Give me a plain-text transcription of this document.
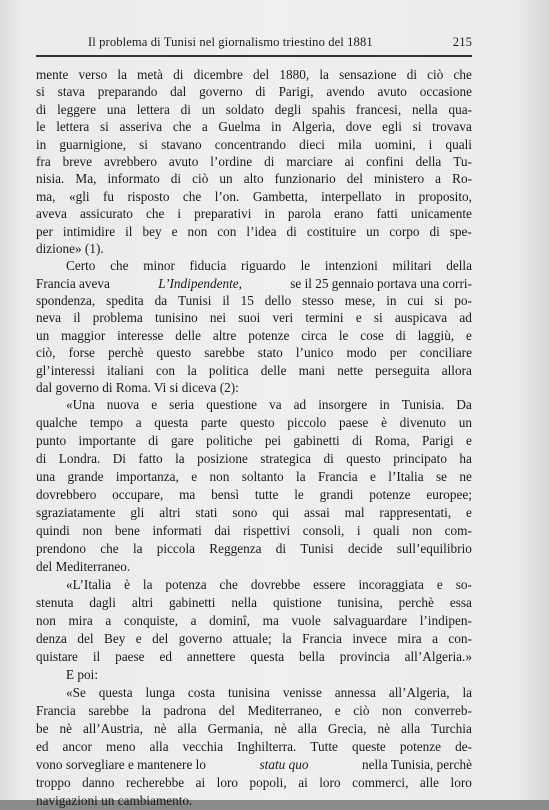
Il problema di Tunisi nel giornalismo triestino del 1881	215
mente verso la metà di dicembre del 1880, la sensazione di ciò che
si stava preparando dal governo di Parigi, avendo avuto occasione
di leggere una lettera di un soldato degli spahis francesi, nella qua-
le lettera si asseriva che a Guelma in Algeria, dove egli si trovava
in guarnigione, si stavano concentrando dieci mila uomini, i quali
fra breve avrebbero avuto l’ordine di marciare ai confini della Tu-
nisia. Ma, informato di ciò un alto funzionario del ministero a Ro-
ma, «gli fu risposto che l’on. Gambetta, interpellato in proposito,
aveva assicurato che i preparativi in parola erano fatti unicamente
per intimidire il bey e non con l’idea di costituire un corpo di spe-
dizione» (1).
Certo che minor fiducia riguardo le intenzioni militari della
Francia aveva	L’Indipendente,	se il 25 gennaio portava una corri-
spondenza, spedita da Tunisi il 15 dello stesso mese, in cui si po-
neva il problema tunisino nei suoi veri termini e si auspicava ad
un maggior interesse delle altre potenze circa le cose di laggiù, e
ciò, forse perchè questo sarebbe stato l’unico modo per conciliare
gl’interessi italiani con la politica delle mani nette perseguita allora
dal governo di Roma. Vi si diceva (2):
«Una nuova e seria questione va ad insorgere in Tunisia. Da
qualche tempo a questa parte questo piccolo paese è divenuto un
punto importante di gare politiche pei gabinetti di Roma, Parigi e
di Londra. Di fatto la posizione strategica di questo principato ha
una grande importanza, e non soltanto la Francia e l’Italia se ne
dovrebbero occupare, ma bensì tutte le grandi potenze europee;
sgraziatamente gli altri stati sono qui assai mal rappresentati, e
quindi non bene informati dai rispettivi consoli, i quali non com-
prendono che la piccola Reggenza di Tunisi decide sull’equilibrio
del Mediterraneo.
«L’Italia è la potenza che dovrebbe essere incoraggiata e so-
stenuta dagli altri gabinetti nella quistione tunisina, perchè essa
non mira a conquiste, a dominî, ma vuole salvaguardare l’indipen-
denza del Bey e del governo attuale; la Francia invece mira a con-
quistare il paese ed annettere questa bella provincia all’Algeria.»
E poi:
«Se questa lunga costa tunisina venisse annessa all’Algeria, la
Francia sarebbe la padrona del Mediterraneo, e ciò non converreb-
be nè all’Austria, nè alla Germania, nè alla Grecia, nè alla Turchia
ed ancor meno alla vecchia Inghilterra. Tutte queste potenze de-
vono sorvegliare e mantenere lo	statu quo	nella Tunisia, perchè
troppo danno recherebbe ai loro popoli, ai loro commerci, alle loro
navigazioni un cambiamento.
